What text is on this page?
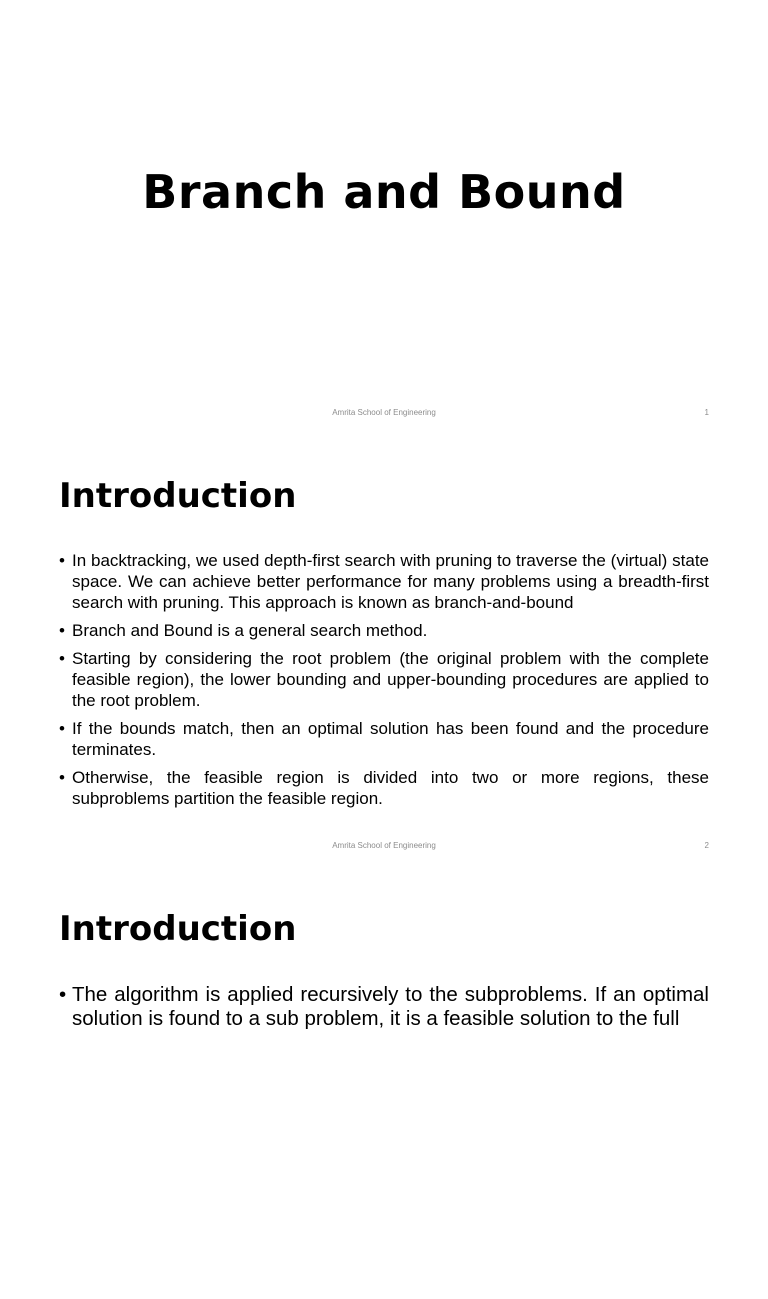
Branch and Bound
Amrita School of Engineering	1
Introduction
• In backtracking, we used depth-first search with pruning to traverse the (virtual) state space. We can achieve better performance for many problems using a breadth-first search with pruning. This approach is known as branch-and-bound
• Branch and Bound is a general search method.
• Starting by considering the root problem (the original problem with the complete feasible region), the lower bounding and upper-bounding procedures are applied to the root problem.
• If the bounds match, then an optimal solution has been found and the procedure terminates.
• Otherwise, the feasible region is divided into two or more regions, these subproblems partition the feasible region.
Amrita School of Engineering	2
Introduction
• The algorithm is applied recursively to the subproblems. If an optimal solution is found to a sub problem, it is a feasible solution to the full
